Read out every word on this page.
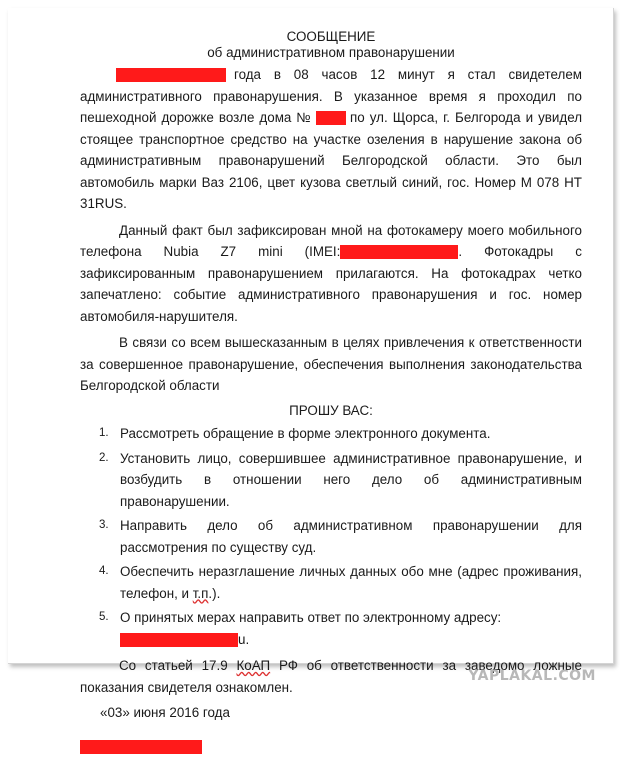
СООБЩЕНИЕ

об административном правонарушении

года в 08 часов 12 минут я стал свидетелем административного правонарушения. В указанное время я проходил по пешеходной дорожке возле дома №	по ул. Щорса, г. Белгорода и увидел стоящее транспортное средство на участке озеления в нарушение закона об административным правонарушений Белгородской области. Это был автомобиль марки Ваз 2106, цвет кузова светлый синий, гос. Номер М 078 НТ 31RUS.

Данный факт был зафиксирован мной на фотокамеру моего мобильного телефона Nubia Z7 mini (IMEI:	. Фотокадры с зафиксированным правонарушением прилагаются. На фотокадрах четко запечатлено: событие административного правонарушения и гос. номер автомобиля-нарушителя.

В связи со всем вышесказанным в целях привлечения к ответственности за совершенное правонарушение, обеспечения выполнения законодательства Белгородской области

ПРОШУ ВАС:

1. Рассмотреть обращение в форме электронного документа.
2. Установить лицо, совершившее административное правонарушение, и возбудить в отношении него дело об административным правонарушении.
3. Направить дело об административном правонарушении для рассмотрения по существу суд.
4. Обеспечить неразглашение личных данных обо мне (адрес проживания, телефон, и т.п.).
5. О принятых мерах направить ответ по электронному адресу:
u.

Со статьей 17.9 КоАП РФ об ответственности за заведомо ложные показания свидетеля ознакомлен.

«03» июня 2016 года

YAPLAKAL.COM
